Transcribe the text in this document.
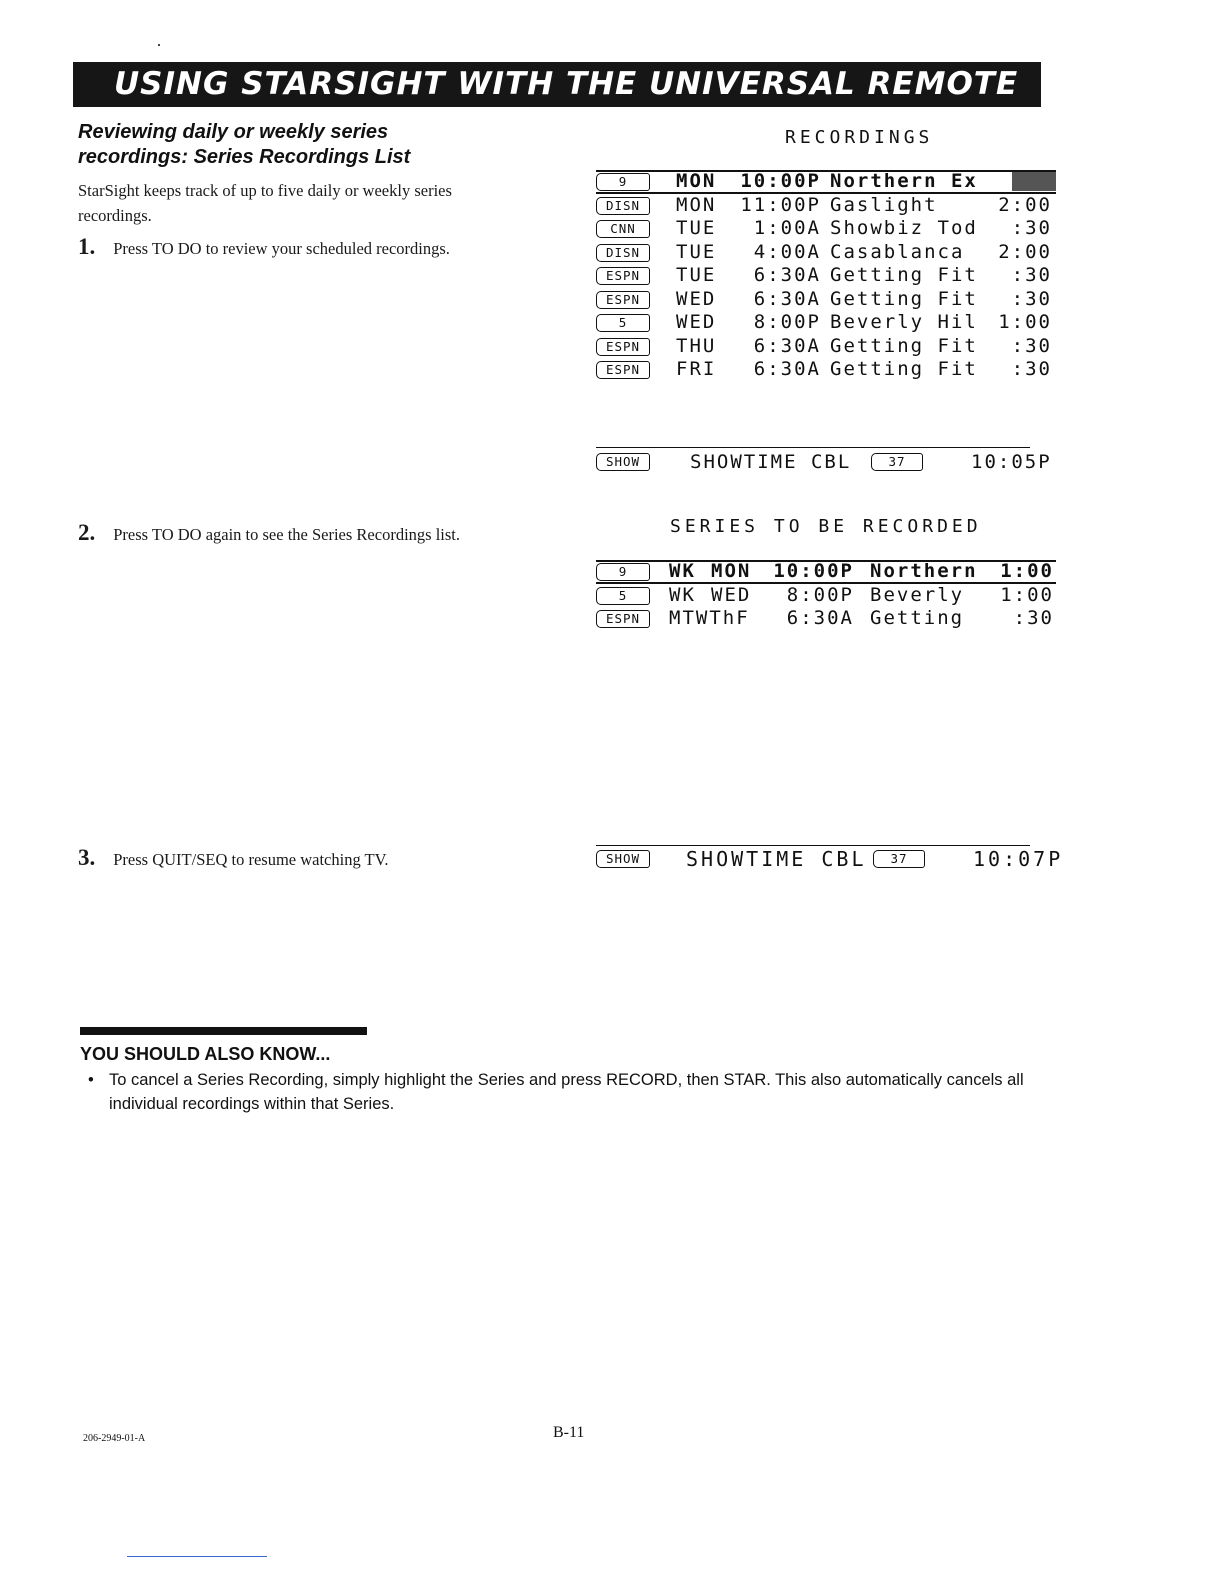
USING STARSIGHT WITH THE UNIVERSAL REMOTE
Reviewing daily or weekly series
recordings: Series Recordings List
StarSight keeps track of up to five daily or weekly series recordings.
1. Press TO DO to review your scheduled recordings.
2. Press TO DO again to see the Series Recordings list.
3. Press QUIT/SEQ to resume watching TV.
RECORDINGS
9	MON	10:00P Northern Ex
DISN	MON	11:00P Gaslight	2:00
CNN	TUE	1:00A Showbiz Tod :30
DISN	TUE	4:00A Casablanca 2:00
ESPN	TUE	6:30A Getting Fit :30
ESPN	WED	6:30A Getting Fit :30
5	WED	8:00P Beverly Hil 1:00
ESPN	THU	6:30A Getting Fit :30
ESPN	FRI	6:30A Getting Fit :30
SHOW	SHOWTIME CBL	37	10:05P
SERIES TO BE RECORDED
9	WK MON	10:00P Northern 1:00
5	WK WED	8:00P Beverly 1:00
ESPN	MTWThF	6:30A Getting	:30
SHOW	SHOWTIME CBL	37	10:07P
YOU SHOULD ALSO KNOW...
• To cancel a Series Recording, simply highlight the Series and press RECORD, then STAR. This also automatically cancels all individual recordings within that Series.
206-2949-01-A	B-11
